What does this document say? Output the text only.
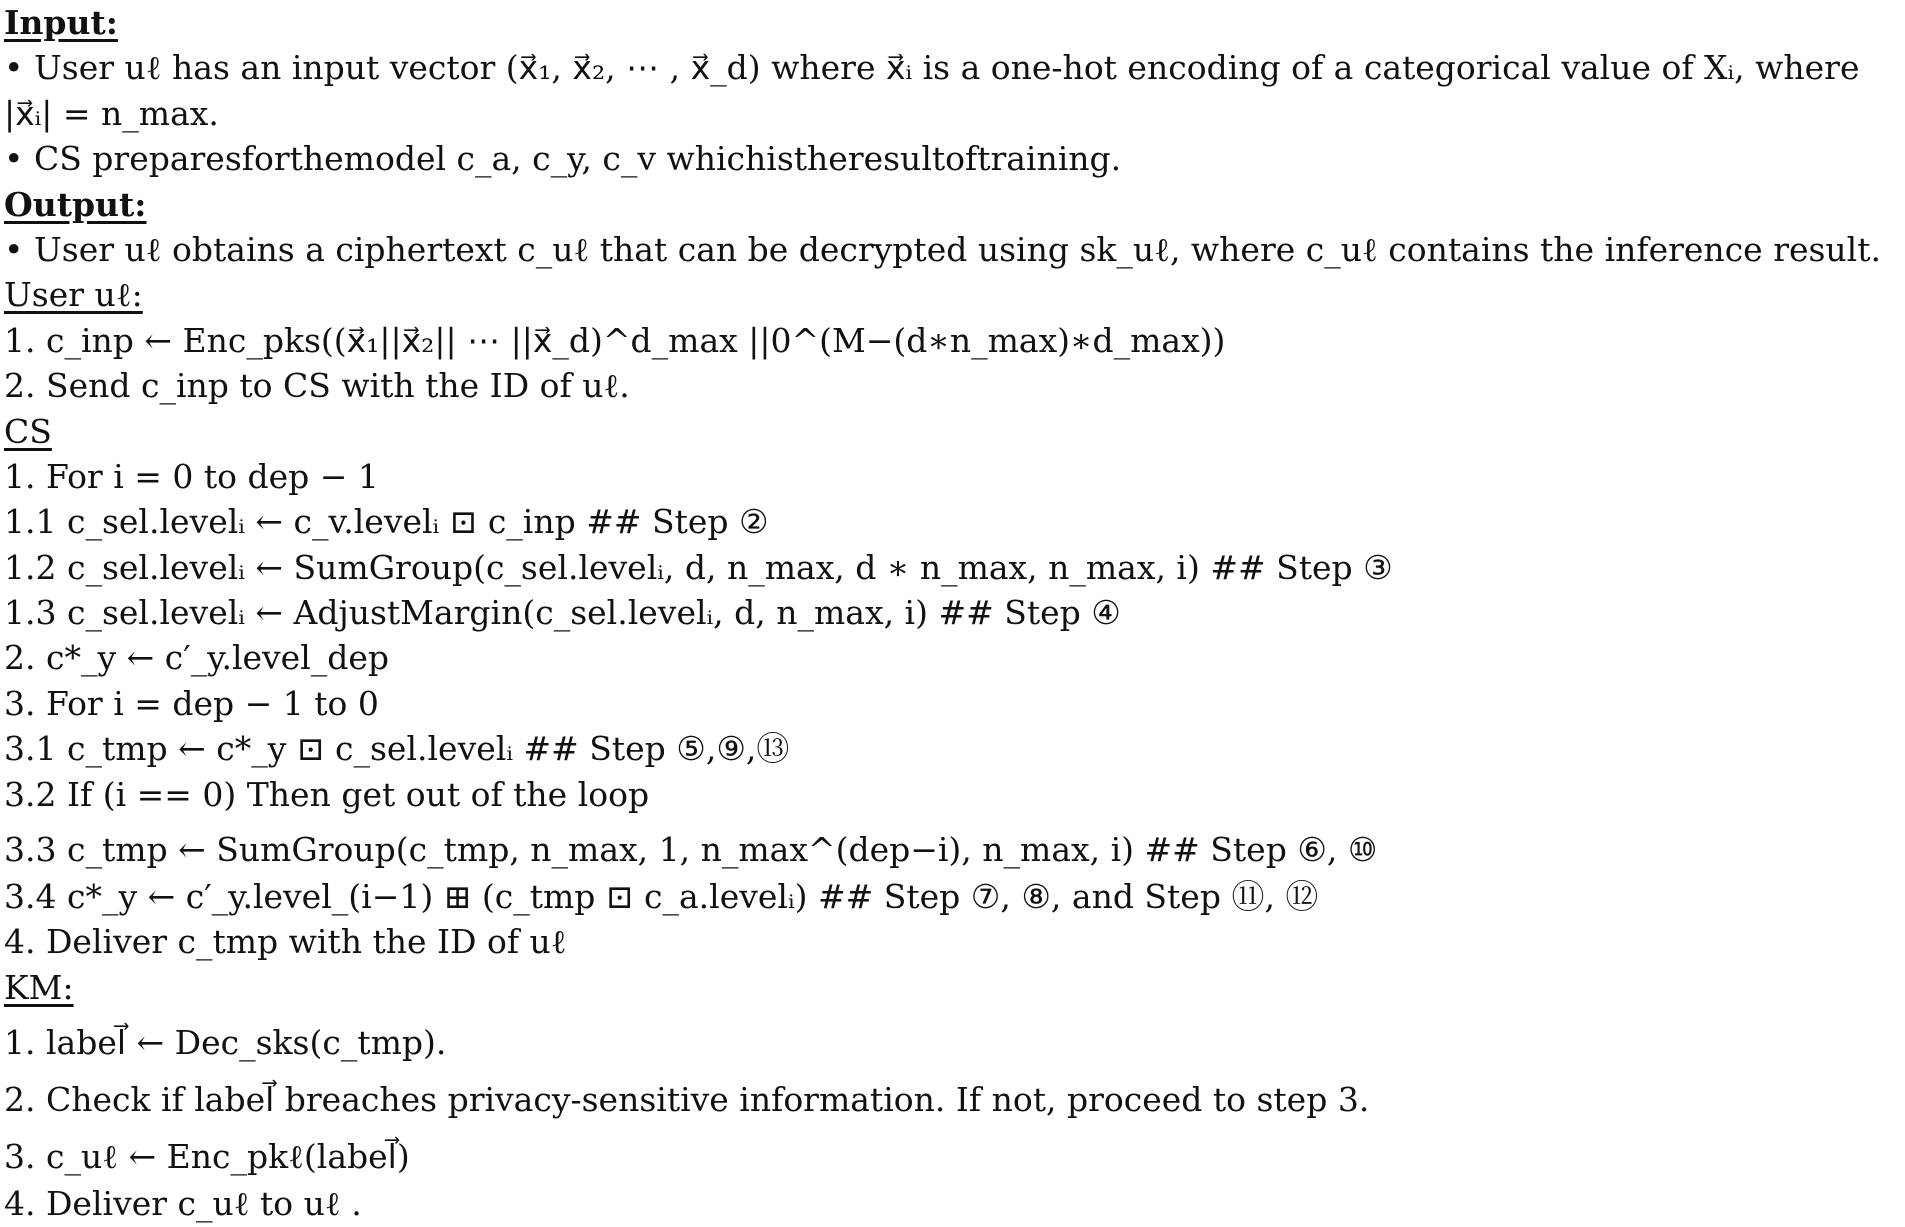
Input:
• User uℓ has an input vector (x⃗₁, x⃗₂, ⋯ , x⃗_d) where x⃗ᵢ is a one-hot encoding of a categorical value of Xᵢ, where
|x⃗ᵢ| = n_max.
• CS preparesforthemodel c_a, c_y, c_v whichistheresultoftraining.
Output:
• User uℓ obtains a ciphertext c_uℓ that can be decrypted using sk_uℓ, where c_uℓ contains the inference result.
User uℓ:
1. c_inp ← Enc_pks((x⃗₁||x⃗₂|| ⋯ ||x⃗_d)^d_max ||0^(M−(d∗n_max)∗d_max))
2. Send c_inp to CS with the ID of uℓ.
CS
1. For i = 0 to dep − 1
1.1 c_sel.levelᵢ ← c_v.levelᵢ ⊡ c_inp ## Step ②
1.2 c_sel.levelᵢ ← SumGroup(c_sel.levelᵢ, d, n_max, d ∗ n_max, n_max, i) ## Step ③
1.3 c_sel.levelᵢ ← AdjustMargin(c_sel.levelᵢ, d, n_max, i) ## Step ④
2. c*_y ← c′_y.level_dep
3. For i = dep − 1 to 0
3.1 c_tmp ← c*_y ⊡ c_sel.levelᵢ ## Step ⑤,⑨,⑬
3.2 If (i == 0) Then get out of the loop
3.3 c_tmp ← SumGroup(c_tmp, n_max, 1, n_max^(dep−i), n_max, i) ## Step ⑥, ⑩
3.4 c*_y ← c′_y.level_(i−1) ⊞ (c_tmp ⊡ c_a.levelᵢ) ## Step ⑦, ⑧, and Step ⑪, ⑫
4. Deliver c_tmp with the ID of uℓ
KM:
1. label⃗ ← Dec_sks(c_tmp).
2. Check if label⃗ breaches privacy-sensitive information. If not, proceed to step 3.
3. c_uℓ ← Enc_pkℓ(label⃗)
4. Deliver c_uℓ to uℓ .
